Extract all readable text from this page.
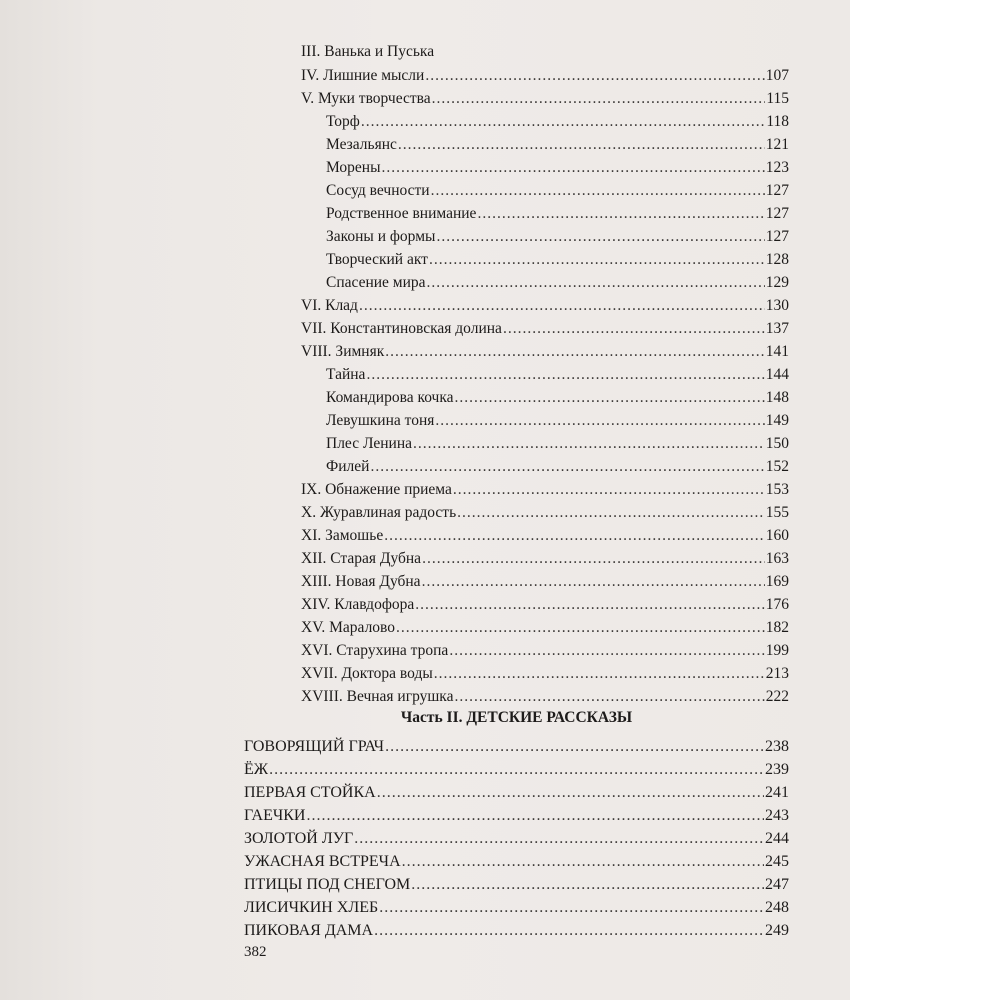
III. Ванька и Пуська
IV. Лишние мысли .....	107
V. Муки творчества .....	115
Торф .....	118
Мезальянс .....	121
Морены .....	123
Сосуд вечности .....	127
Родственное внимание .....	127
Законы и формы .....	127
Творческий акт .....	128
Спасение мира .....	129
VI. Клад .....	130
VII. Константиновская долина .....	137
VIII. Зимняк .....	141
Тайна .....	144
Командирова кочка .....	148
Левушкина тоня .....	149
Плес Ленина .....	150
Филей .....	152
IX. Обнажение приема .....	153
X. Журавлиная радость .....	155
XI. Замошье .....	160
XII. Старая Дубна .....	163
XIII. Новая Дубна .....	169
XIV. Клавдофора .....	176
XV. Маралово .....	182
XVI. Старухина тропа .....	199
XVII. Доктора воды .....	213
XVIII. Вечная игрушка .....	222
Часть II. ДЕТСКИЕ РАССКАЗЫ
ГОВОРЯЩИЙ ГРАЧ .....	238
ЁЖ .....	239
ПЕРВАЯ СТОЙКА .....	241
ГАЕЧКИ .....	243
ЗОЛОТОЙ ЛУГ .....	244
УЖАСНАЯ ВСТРЕЧА .....	245
ПТИЦЫ ПОД СНЕГОМ .....	247
ЛИСИЧКИН ХЛЕБ .....	248
ПИКОВАЯ ДАМА .....	249
382
